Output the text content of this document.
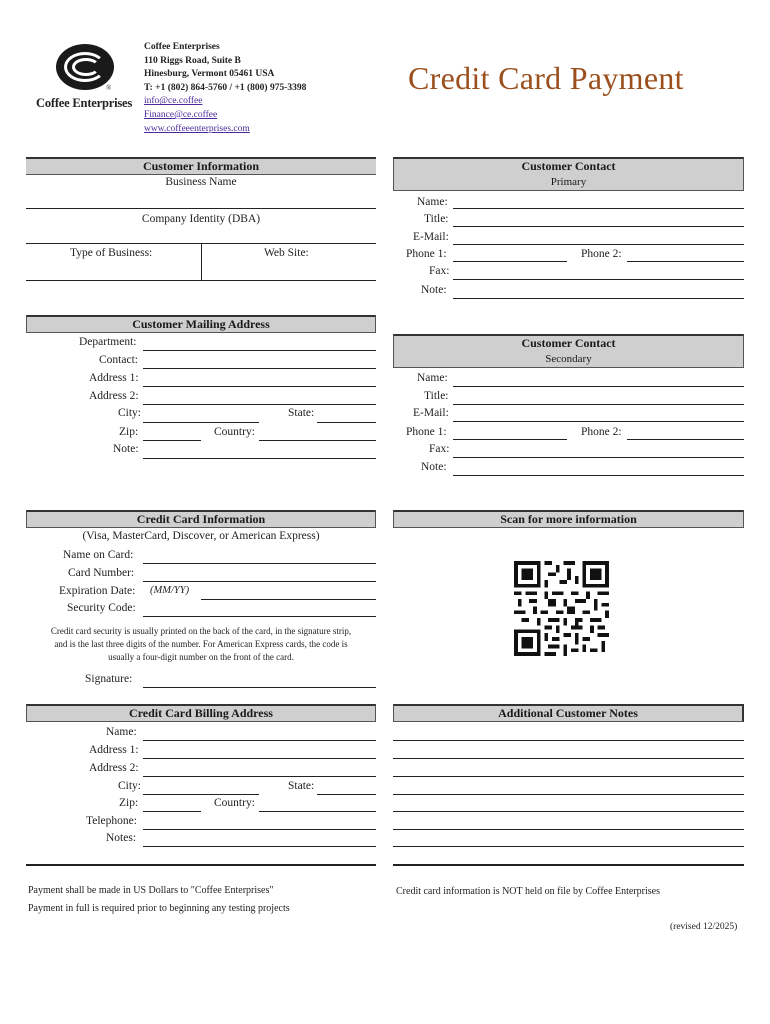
®
Coffee Enterprises
Coffee Enterprises
110 Riggs Road, Suite B
Hinesburg, Vermont 05461 USA
T: +1 (802) 864-5760 / +1 (800) 975-3398
info@ce.coffee
Finance@ce.coffee
www.coffeeenterprises.com
Credit Card Payment
Customer Information
Business Name
Company Identity (DBA)
Type of Business:	Web Site:
Customer Contact
Primary
Name:
Title:
E-Mail:
Phone 1:	Phone 2:
Fax:
Note:
Customer Mailing Address
Department:
Contact:
Address 1:
Address 2:
City:	State:
Zip:	Country:
Note:
Customer Contact
Secondary
Name:
Title:
E-Mail:
Phone 1:	Phone 2:
Fax:
Note:
Credit Card Information
(Visa, MasterCard, Discover, or American Express)
Name on Card:
Card Number:
Expiration Date: (MM/YY)
Security Code:
Credit card security is usually printed on the back of the card, in the signature strip,
and is the last three digits of the number. For American Express cards, the code is
usually a four-digit number on the front of the card.
Signature:
Scan for more information
Credit Card Billing Address
Name:
Address 1:
Address 2:
City:	State:
Zip:	Country:
Telephone:
Notes:
Additional Customer Notes
Payment shall be made in US Dollars to "Coffee Enterprises"
Payment in full is required prior to beginning any testing projects
Credit card information is NOT held on file by Coffee Enterprises
(revised 12/2025)
